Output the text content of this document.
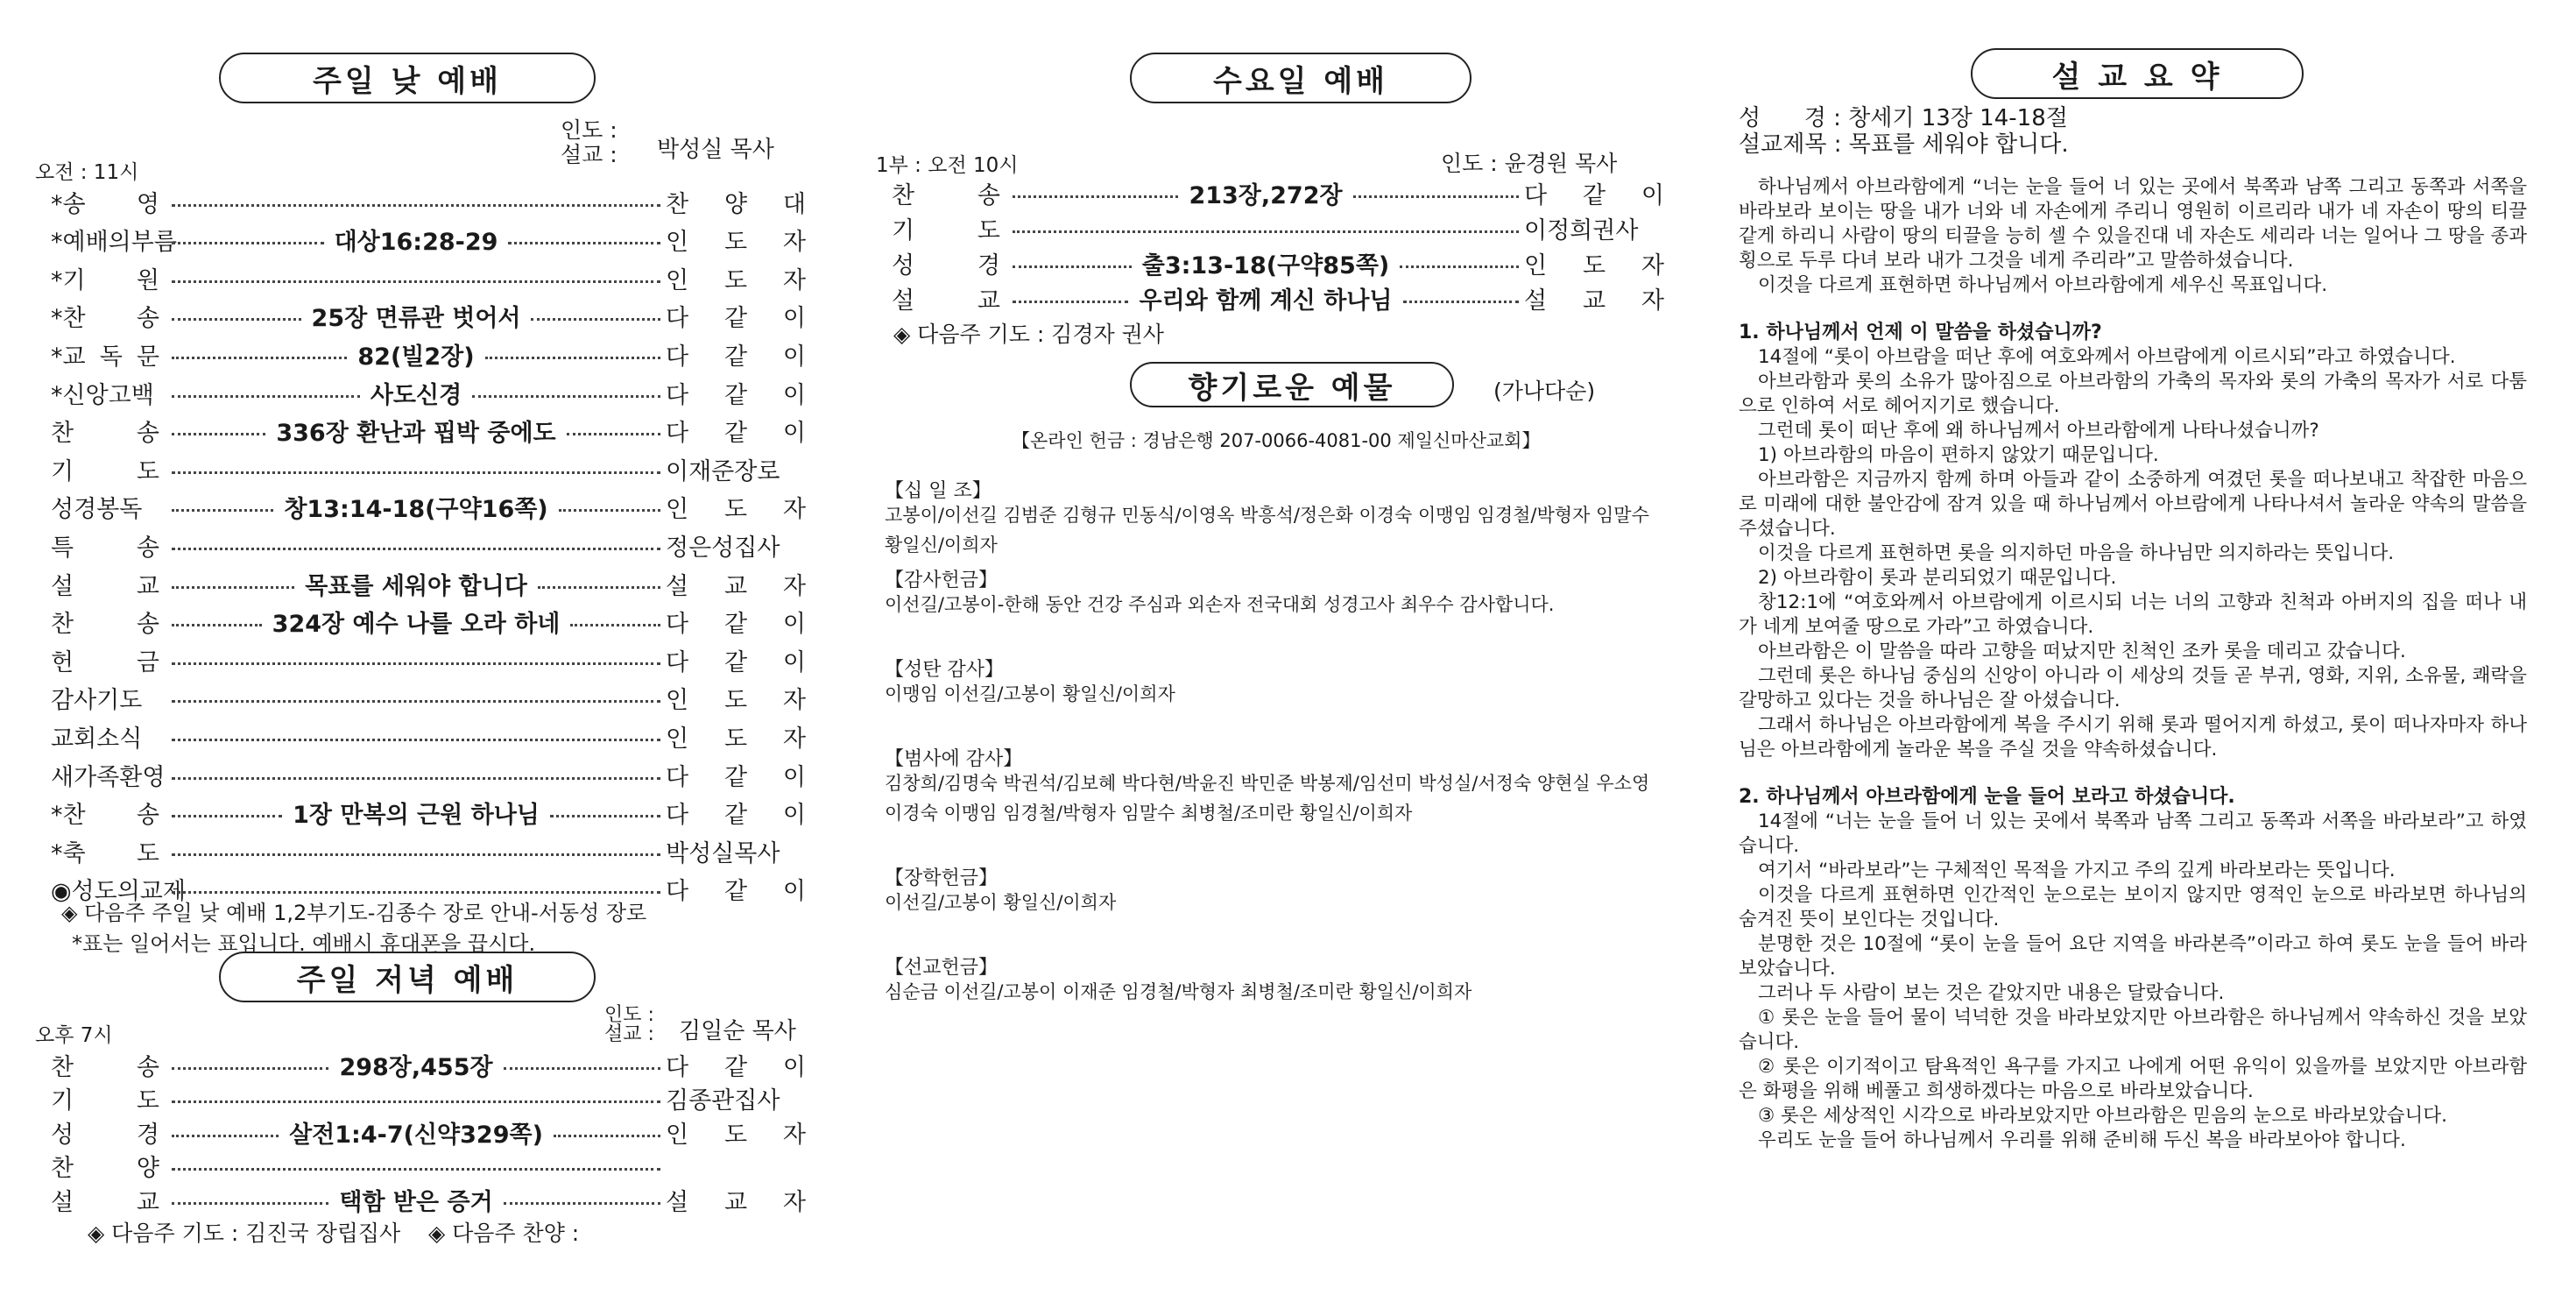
주일 낮 예배
인도 :
설교 : 박성실 목사
오전 : 11시
*송 영	찬 양 대
*예배의부름	대상16:28-29	인 도 자
*기 원	인 도 자
*찬 송	25장 면류관 벗어서	다 같 이
*교 독 문	82(빌2장)	다 같 이
*신앙고백	사도신경	다 같 이
찬	송	336장 환난과 핍박 중에도	다 같 이
기	도	이재준장로
성경봉독	창13:14-18(구약16쪽)	인 도 자
특	송	정은성집사
설	교	목표를 세워야 합니다	설 교 자
찬	송	324장 예수 나를 오라 하네	다 같 이
헌	금	다 같 이
감사기도	인 도 자
교회소식	인 도 자
새가족환영	다 같 이
*찬 송	1장 만복의 근원 하나님	다 같 이
*축 도	박성실목사
◉성도의교제	다 같 이
◈ 다음주 주일 낮 예배 1,2부기도-김종수 장로 안내-서동성 장로
*표는 일어서는 표입니다. 예배시 휴대폰을 끕시다.
주일 저녁 예배
오후 7시
인도 :
설교 : 김일순 목사
찬	송	298장,455장	다 같 이
기	도	김종관집사
성	경	살전1:4-7(신약329쪽)	인 도 자
찬	양
설	교	택함 받은 증거	설 교 자
◈ 다음주 기도 : 김진국 장립집사    ◈ 다음주 찬양 :
수요일 예배
1부 : 오전 10시	인도 : 윤경원 목사
찬	송	213장,272장	다 같 이
기	도	이정희권사
성	경	출3:13-18(구약85쪽)	인 도 자
설	교	우리와 함께 계신 하나님	설 교 자
◈ 다음주 기도 : 김경자 권사
향기로운 예물	(가나다순)
【온라인 헌금 : 경남은행 207-0066-4081-00 제일신마산교회】
【십 일 조】
고봉이/이선길 김범준 김형규 민동식/이영옥 박흥석/정은화 이경숙 이맹임 임경철/박형자 임말수 황일신/이희자
【감사헌금】
이선길/고봉이-한해 동안 건강 주심과 외손자 전국대회 성경고사 최우수 감사합니다.
【성탄 감사】
이맹임 이선길/고봉이 황일신/이희자
【범사에 감사】
김창희/김명숙 박권석/김보혜 박다현/박윤진 박민준 박봉제/임선미 박성실/서정숙 양현실 우소영 이경숙 이맹임 임경철/박형자 임말수 최병철/조미란 황일신/이희자
【장학헌금】
이선길/고봉이 황일신/이희자
【선교헌금】
심순금 이선길/고봉이 이재준 임경철/박형자 최병철/조미란 황일신/이희자
설 교 요 약
성      경 : 창세기 13장 14-18절
설교제목 : 목표를 세워야 합니다.

하나님께서 아브라함에게 “너는 눈을 들어 너 있는 곳에서 북쪽과 남쪽 그리고 동쪽과 서쪽을 바라보라 보이는 땅을 내가 너와 네 자손에게 주리니 영원히 이르리라 내가 네 자손이 땅의 티끌 같게 하리니 사람이 땅의 티끌을 능히 셀 수 있을진대 네 자손도 세리라 너는 일어나 그 땅을 종과 횡으로 두루 다녀 보라 내가 그것을 네게 주리라”고 말씀하셨습니다.

이것을 다르게 표현하면 하나님께서 아브라함에게 세우신 목표입니다.

1. 하나님께서 언제 이 말씀을 하셨습니까?

14절에 “롯이 아브람을 떠난 후에 여호와께서 아브람에게 이르시되”라고 하였습니다.

아브라함과 롯의 소유가 많아짐으로 아브라함의 가축의 목자와 롯의 가축의 목자가 서로 다툼으로 인하여 서로 헤어지기로 했습니다.

그런데 롯이 떠난 후에 왜 하나님께서 아브라함에게 나타나셨습니까?

1) 아브라함의 마음이 편하지 않았기 때문입니다.

아브라함은 지금까지 함께 하며 아들과 같이 소중하게 여겼던 롯을 떠나보내고 착잡한 마음으로 미래에 대한 불안감에 잠겨 있을 때 하나님께서 아브람에게 나타나셔서 놀라운 약속의 말씀을 주셨습니다.

이것을 다르게 표현하면 롯을 의지하던 마음을 하나님만 의지하라는 뜻입니다.

2) 아브라함이 롯과 분리되었기 때문입니다.

창12:1에 “여호와께서 아브람에게 이르시되 너는 너의 고향과 친척과 아버지의 집을 떠나 내가 네게 보여줄 땅으로 가라”고 하였습니다.

아브라함은 이 말씀을 따라 고향을 떠났지만 친척인 조카 롯을 데리고 갔습니다.

그런데 롯은 하나님 중심의 신앙이 아니라 이 세상의 것들 곧 부귀, 영화, 지위, 소유물, 쾌락을 갈망하고 있다는 것을 하나님은 잘 아셨습니다.

그래서 하나님은 아브라함에게 복을 주시기 위해 롯과 떨어지게 하셨고, 롯이 떠나자마자 하나님은 아브라함에게 놀라운 복을 주실 것을 약속하셨습니다.

2. 하나님께서 아브라함에게 눈을 들어 보라고 하셨습니다.

14절에 “너는 눈을 들어 너 있는 곳에서 북쪽과 남쪽 그리고 동쪽과 서쪽을 바라보라”고 하였습니다.

여기서 “바라보라”는 구체적인 목적을 가지고 주의 깊게 바라보라는 뜻입니다.

이것을 다르게 표현하면 인간적인 눈으로는 보이지 않지만 영적인 눈으로 바라보면 하나님의 숨겨진 뜻이 보인다는 것입니다.

분명한 것은 10절에 “롯이 눈을 들어 요단 지역을 바라본즉”이라고 하여 롯도 눈을 들어 바라보았습니다.

그러나 두 사람이 보는 것은 같았지만 내용은 달랐습니다.

① 롯은 눈을 들어 물이 넉넉한 것을 바라보았지만 아브라함은 하나님께서 약속하신 것을 보았습니다.

② 롯은 이기적이고 탐욕적인 욕구를 가지고 나에게 어떤 유익이 있을까를 보았지만 아브라함은 화평을 위해 베풀고 희생하겠다는 마음으로 바라보았습니다.

③ 롯은 세상적인 시각으로 바라보았지만 아브라함은 믿음의 눈으로 바라보았습니다.

우리도 눈을 들어 하나님께서 우리를 위해 준비해 두신 복을 바라보아야 합니다.
